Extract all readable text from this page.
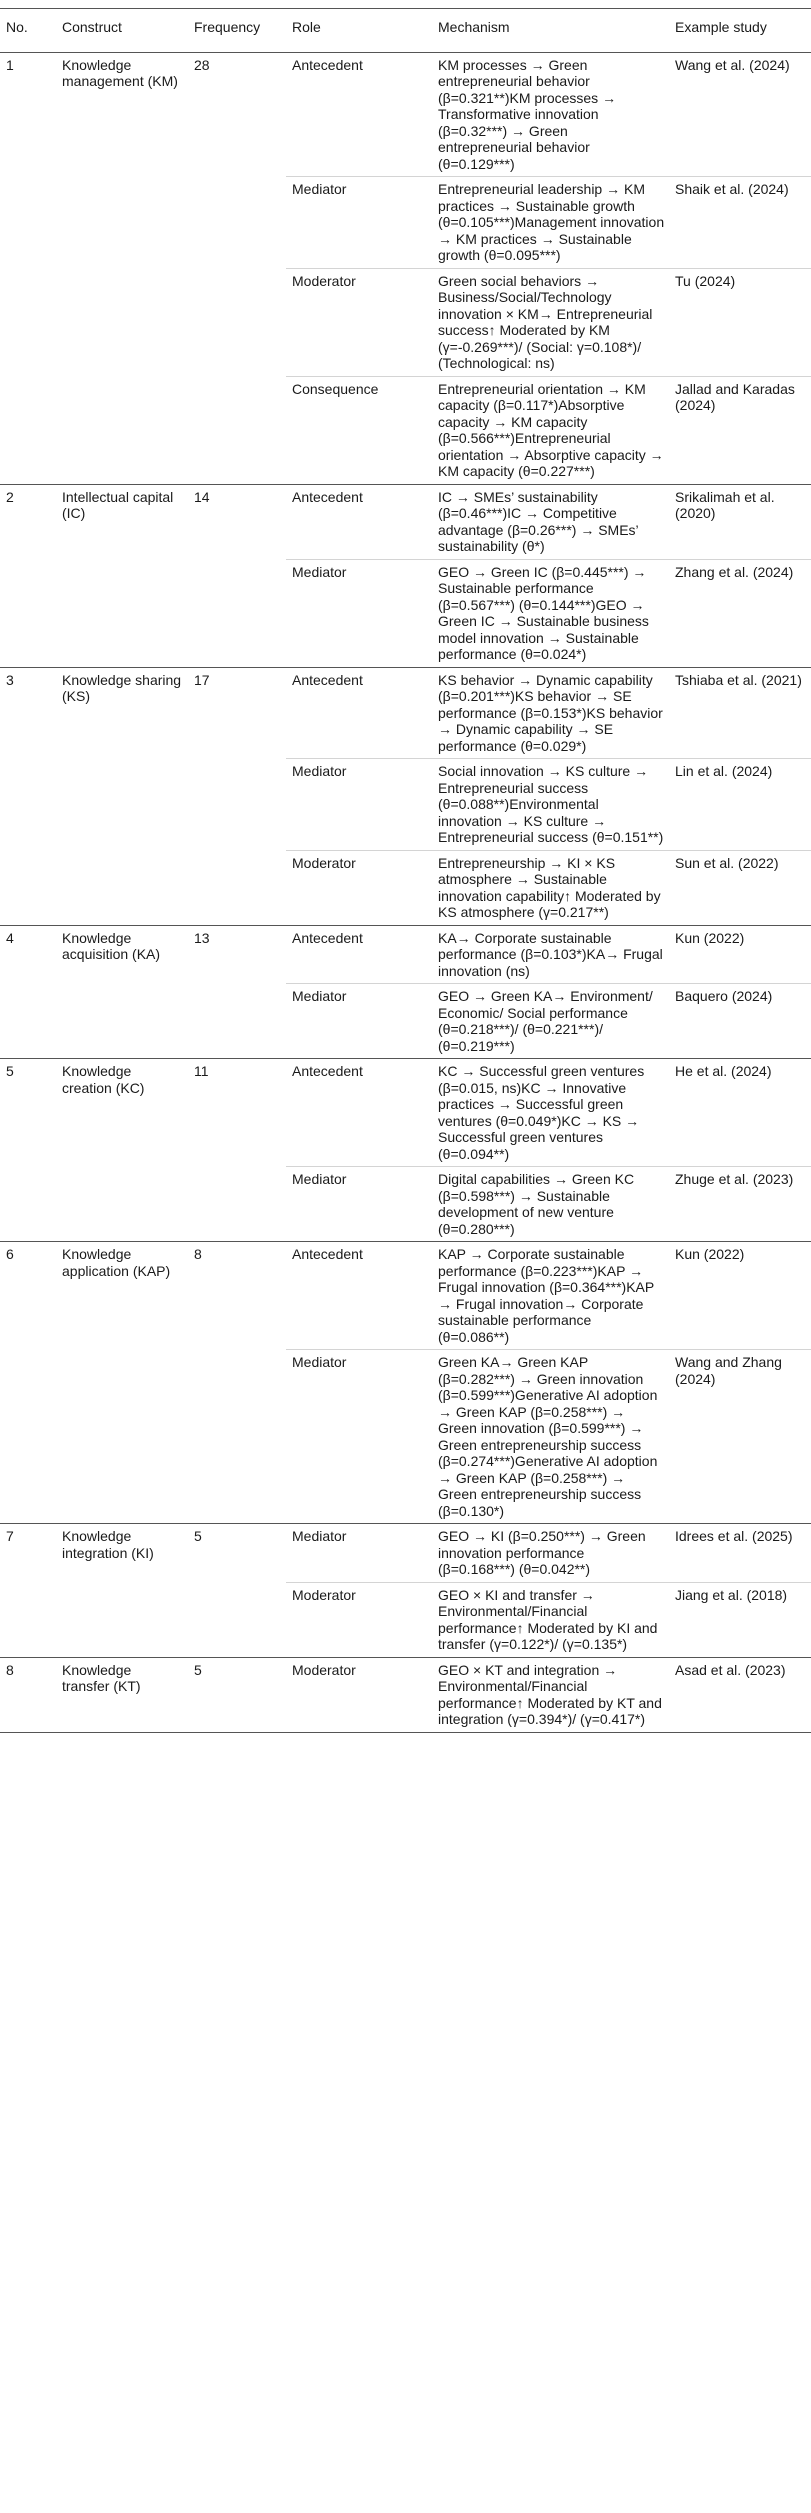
No.	Construct	Frequency	Role	Mechanism	Example study
1	Knowledge management (KM)	28	Antecedent	KM processes → Green entrepreneurial behavior (β=0.321**)KM processes → Transformative innovation (β=0.32***) → Green entrepreneurial behavior (θ=0.129***)	Wang et al. (2024)
			Mediator	Entrepreneurial leadership → KM practices → Sustainable growth (θ=0.105***)Management innovation → KM practices → Sustainable growth (θ=0.095***)	Shaik et al. (2024)
			Moderator	Green social behaviors → Business/Social/Technology innovation × KM→ Entrepreneurial success↑ Moderated by KM (γ=-0.269***)/ (Social: γ=0.108*)/ (Technological: ns)	Tu (2024)
			Consequence	Entrepreneurial orientation → KM capacity (β=0.117*)Absorptive capacity → KM capacity (β=0.566***)Entrepreneurial orientation → Absorptive capacity → KM capacity (θ=0.227***)	Jallad and Karadas (2024)
2	Intellectual capital (IC)	14	Antecedent	IC → SMEs’ sustainability (β=0.46***)IC → Competitive advantage (β=0.26***) → SMEs’ sustainability (θ*)	Srikalimah et al. (2020)
			Mediator	GEO → Green IC (β=0.445***) → Sustainable performance (β=0.567***) (θ=0.144***)GEO → Green IC → Sustainable business model innovation → Sustainable performance (θ=0.024*)	Zhang et al. (2024)
3	Knowledge sharing (KS)	17	Antecedent	KS behavior → Dynamic capability (β=0.201***)KS behavior → SE performance (β=0.153*)KS behavior → Dynamic capability → SE performance (θ=0.029*)	Tshiaba et al. (2021)
			Mediator	Social innovation → KS culture → Entrepreneurial success (θ=0.088**)Environmental innovation → KS culture → Entrepreneurial success (θ=0.151**)	Lin et al. (2024)
			Moderator	Entrepreneurship → KI × KS atmosphere → Sustainable innovation capability↑ Moderated by KS atmosphere (γ=0.217**)	Sun et al. (2022)
4	Knowledge acquisition (KA)	13	Antecedent	KA→ Corporate sustainable performance (β=0.103*)KA→ Frugal innovation (ns)	Kun (2022)
			Mediator	GEO → Green KA→ Environment/ Economic/ Social performance (θ=0.218***)/ (θ=0.221***)/ (θ=0.219***)	Baquero (2024)
5	Knowledge creation (KC)	11	Antecedent	KC → Successful green ventures (β=0.015, ns)KC → Innovative practices → Successful green ventures (θ=0.049*)KC → KS → Successful green ventures (θ=0.094**)	He et al. (2024)
			Mediator	Digital capabilities → Green KC (β=0.598***) → Sustainable development of new venture (θ=0.280***)	Zhuge et al. (2023)
6	Knowledge application (KAP)	8	Antecedent	KAP → Corporate sustainable performance (β=0.223***)KAP → Frugal innovation (β=0.364***)KAP → Frugal innovation→ Corporate sustainable performance (θ=0.086**)	Kun (2022)
			Mediator	Green KA→ Green KAP (β=0.282***) → Green innovation (β=0.599***)Generative AI adoption → Green KAP (β=0.258***) → Green innovation (β=0.599***) → Green entrepreneurship success (β=0.274***)Generative AI adoption → Green KAP (β=0.258***) → Green entrepreneurship success (β=0.130*)	Wang and Zhang (2024)
7	Knowledge integration (KI)	5	Mediator	GEO → KI (β=0.250***) → Green innovation performance (β=0.168***) (θ=0.042**)	Idrees et al. (2025)
			Moderator	GEO × KI and transfer → Environmental/Financial performance↑ Moderated by KI and transfer (γ=0.122*)/ (γ=0.135*)	Jiang et al. (2018)
8	Knowledge transfer (KT)	5	Moderator	GEO × KT and integration → Environmental/Financial performance↑ Moderated by KT and integration (γ=0.394*)/ (γ=0.417*)	Asad et al. (2023)
